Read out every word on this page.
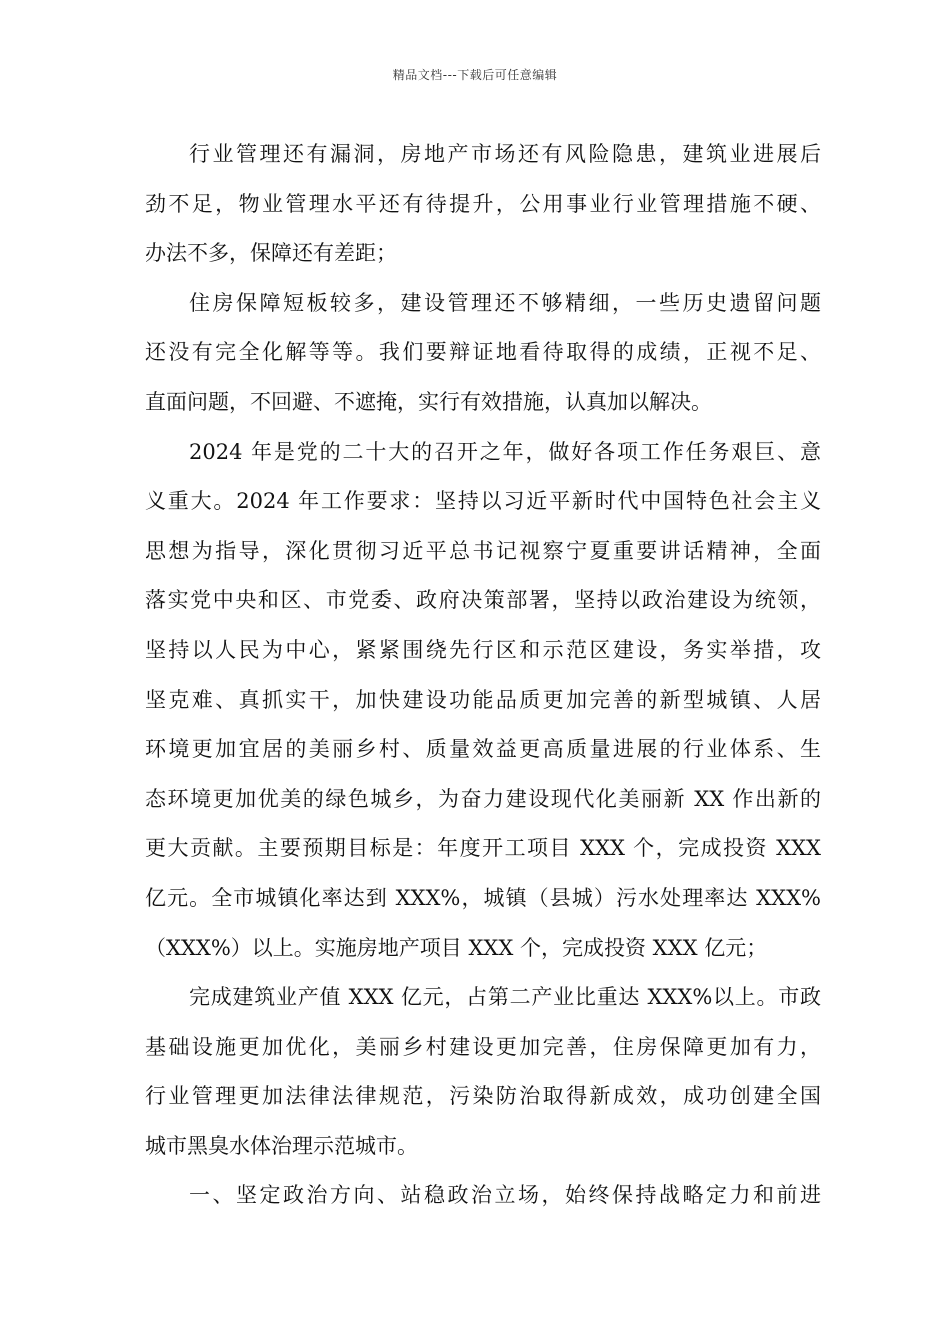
精品文档---下载后可任意编辑
行业管理还有漏洞，房地产市场还有风险隐患，建筑业进展后
劲不足，物业管理水平还有待提升，公用事业行业管理措施不硬、
办法不多，保障还有差距；
住房保障短板较多，建设管理还不够精细，一些历史遗留问题
还没有完全化解等等。我们要辩证地看待取得的成绩，正视不足、
直面问题，不回避、不遮掩，实行有效措施，认真加以解决。
2024 年是党的二十大的召开之年，做好各项工作任务艰巨、意
义重大。2024 年工作要求：坚持以习近平新时代中国特色社会主义
思想为指导，深化贯彻习近平总书记视察宁夏重要讲话精神，全面
落实党中央和区、市党委、政府决策部署，坚持以政治建设为统领，
坚持以人民为中心，紧紧围绕先行区和示范区建设，务实举措，攻
坚克难、真抓实干，加快建设功能品质更加完善的新型城镇、人居
环境更加宜居的美丽乡村、质量效益更高质量进展的行业体系、生
态环境更加优美的绿色城乡，为奋力建设现代化美丽新 XX 作出新的
更大贡献。主要预期目标是：年度开工项目 XXX 个，完成投资 XXX
亿元。全市城镇化率达到 XXX%，城镇（县城）污水处理率达 XXX%
（XXX%）以上。实施房地产项目 XXX 个，完成投资 XXX 亿元；
完成建筑业产值 XXX 亿元，占第二产业比重达 XXX%以上。市政
基础设施更加优化，美丽乡村建设更加完善，住房保障更加有力，
行业管理更加法律法律规范，污染防治取得新成效，成功创建全国
城市黑臭水体治理示范城市。
一、坚定政治方向、站稳政治立场，始终保持战略定力和前进
